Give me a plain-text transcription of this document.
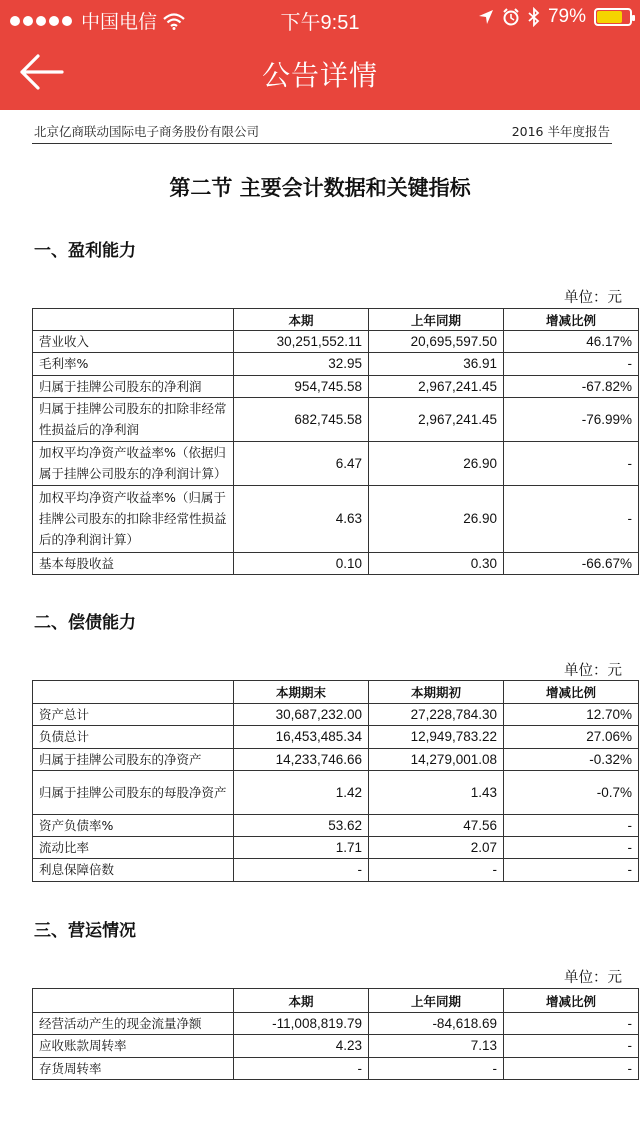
中国电信	下午9:51	79%
公告详情
北京亿商联动国际电子商务股份有限公司	2016 半年度报告
第二节 主要会计数据和关键指标
一、盈利能力
单位：元
	本期	上年同期	增减比例
营业收入	30,251,552.11	20,695,597.50	46.17%
毛利率%	32.95	36.91	-
归属于挂牌公司股东的净利润	954,745.58	2,967,241.45	-67.82%
归属于挂牌公司股东的扣除非经常性损益后的净利润	682,745.58	2,967,241.45	-76.99%
加权平均净资产收益率%（依据归属于挂牌公司股东的净利润计算）	6.47	26.90	-
加权平均净资产收益率%（归属于挂牌公司股东的扣除非经常性损益后的净利润计算）	4.63	26.90	-
基本每股收益	0.10	0.30	-66.67%
二、偿债能力
单位：元
	本期期末	本期期初	增减比例
资产总计	30,687,232.00	27,228,784.30	12.70%
负债总计	16,453,485.34	12,949,783.22	27.06%
归属于挂牌公司股东的净资产	14,233,746.66	14,279,001.08	-0.32%
归属于挂牌公司股东的每股净资产	1.42	1.43	-0.7%
资产负债率%	53.62	47.56	-
流动比率	1.71	2.07	-
利息保障倍数	-	-	-
三、营运情况
单位：元
	本期	上年同期	增减比例
经营活动产生的现金流量净额	-11,008,819.79	-84,618.69	-
应收账款周转率	4.23	7.13	-
存货周转率	-	-	-
